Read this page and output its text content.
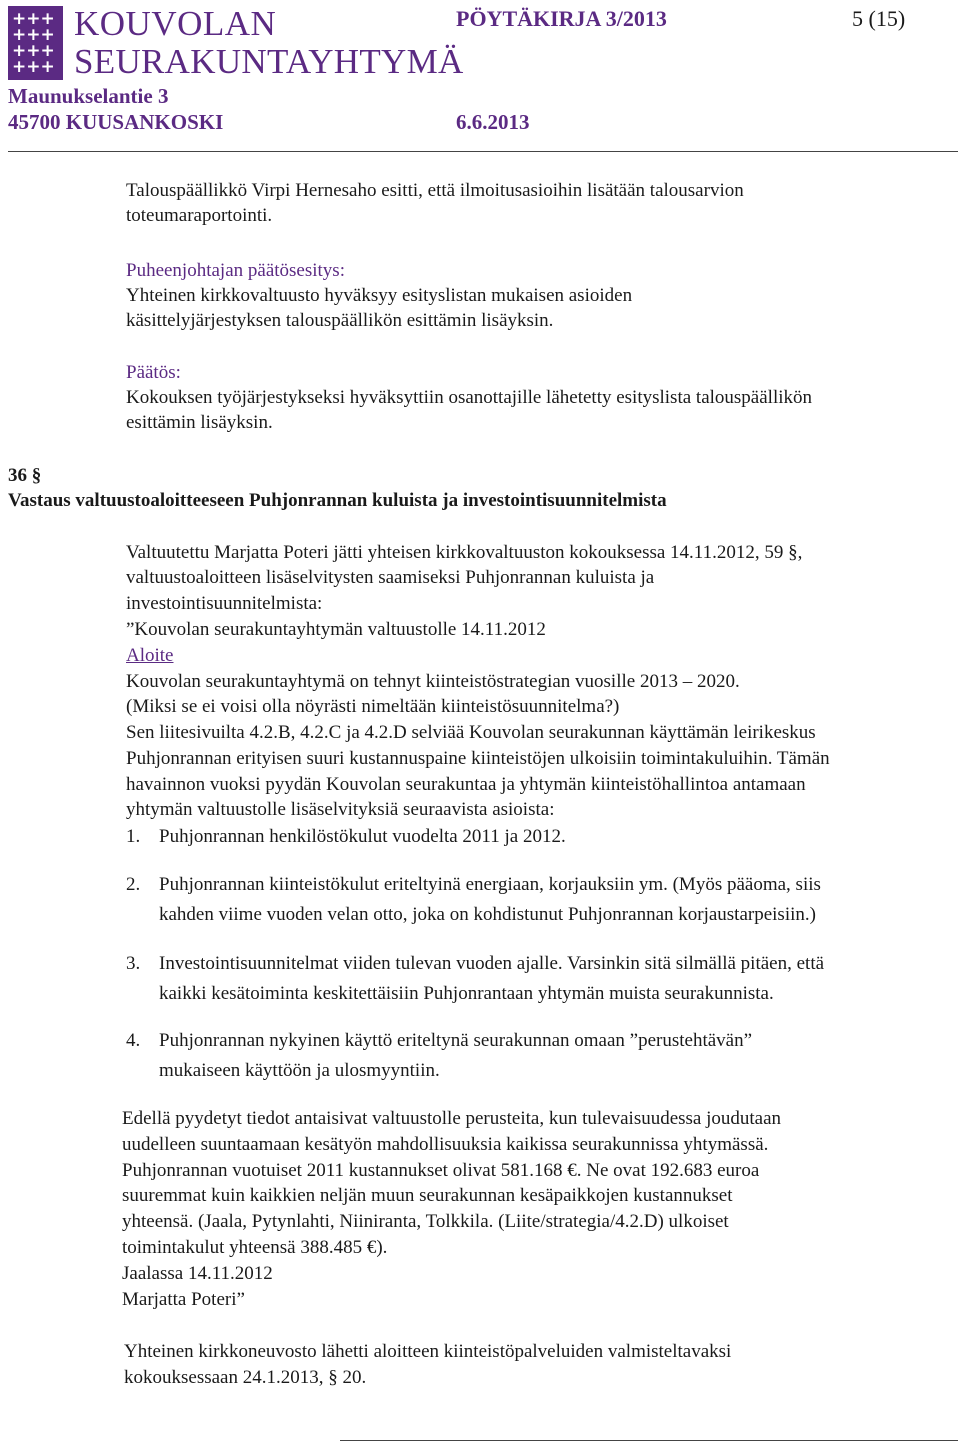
+++
+++
+++
+++
KOUVOLAN
SEURAKUNTAYHTYMÄ
PÖYTÄKIRJA 3/2013	5 (15)
Maunukselantie 3
45700 KUUSANKOSKI	6.6.2013
Talouspäällikkö Virpi Hernesaho esitti, että ilmoitusasioihin lisätään talousarvion
toteumaraportointi.
Puheenjohtajan päätösesitys:
Yhteinen kirkkovaltuusto hyväksyy esityslistan mukaisen asioiden
käsittelyjärjestyksen talouspäällikön esittämin lisäyksin.
Päätös:
Kokouksen työjärjestykseksi hyväksyttiin osanottajille lähetetty esityslista talouspäällikön
esittämin lisäyksin.
36 §
Vastaus valtuustoaloitteeseen Puhjonrannan kuluista ja investointisuunnitelmista
Valtuutettu Marjatta Poteri jätti yhteisen kirkkovaltuuston kokouksessa 14.11.2012, 59 §,
valtuustoaloitteen lisäselvitysten saamiseksi Puhjonrannan kuluista ja
investointisuunnitelmista:
”Kouvolan seurakuntayhtymän valtuustolle 14.11.2012
Aloite
Kouvolan seurakuntayhtymä on tehnyt kiinteistöstrategian vuosille 2013 – 2020.
(Miksi se ei voisi olla nöyrästi nimeltään kiinteistösuunnitelma?)
Sen liitesivuilta 4.2.B, 4.2.C ja 4.2.D selviää Kouvolan seurakunnan käyttämän leirikeskus
Puhjonrannan erityisen suuri kustannuspaine kiinteistöjen ulkoisiin toimintakuluihin. Tämän
havainnon vuoksi pyydän Kouvolan seurakuntaa ja yhtymän kiinteistöhallintoa antamaan
yhtymän valtuustolle lisäselvityksiä seuraavista asioista:
1. Puhjonrannan henkilöstökulut vuodelta 2011 ja 2012.
2. Puhjonrannan kiinteistökulut eriteltyinä energiaan, korjauksiin ym. (Myös pääoma, siis
kahden viime vuoden velan otto, joka on kohdistunut Puhjonrannan korjaustarpeisiin.)
3. Investointisuunnitelmat viiden tulevan vuoden ajalle. Varsinkin sitä silmällä pitäen, että
kaikki kesätoiminta keskitettäisiin Puhjonrantaan yhtymän muista seurakunnista.
4. Puhjonrannan nykyinen käyttö eriteltynä seurakunnan omaan ”perustehtävän”
mukaiseen käyttöön ja ulosmyyntiin.
Edellä pyydetyt tiedot antaisivat valtuustolle perusteita, kun tulevaisuudessa joudutaan
uudelleen suuntaamaan kesätyön mahdollisuuksia kaikissa seurakunnissa yhtymässä.
Puhjonrannan vuotuiset 2011 kustannukset olivat 581.168 €. Ne ovat 192.683 euroa
suuremmat kuin kaikkien neljän muun seurakunnan kesäpaikkojen kustannukset
yhteensä. (Jaala, Pytynlahti, Niiniranta, Tolkkila. (Liite/strategia/4.2.D) ulkoiset
toimintakulut yhteensä 388.485 €).
Jaalassa 14.11.2012
Marjatta Poteri”
Yhteinen kirkkoneuvosto lähetti aloitteen kiinteistöpalveluiden valmisteltavaksi
kokouksessaan 24.1.2013, § 20.
